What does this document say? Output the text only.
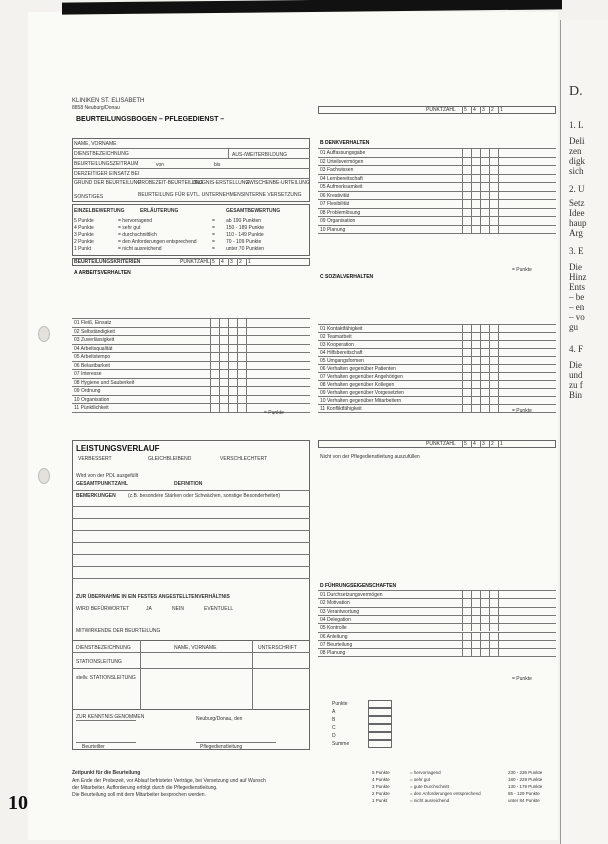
D.
1. L
Deli
zen
digk
sich
2. U
Setz
Idee
haup
Arg
3. E
Die
Hinz
Ents
– be
– en
– vo
gu
4. F
Die
und
zu f
Bin
KLINIKEN ST. ELISABETH
8858 Neuburg/Donau
BEURTEILUNGSBOGEN – PFLEGEDIENST –
NAME, VORNAME
DIENSTBEZEICHNUNG
BEURTEILUNGSZEITRAUM
DERZEITIGER EINSATZ BEI
AUS-/WEITERBILDUNG
von	bis
GRUND DER BEURTEILUNG
PROBEZEIT-BEURTEILUNG
ZEUGNIS-ERSTELLUNG
ZWISCHENBE-URTEILUNG
SONSTIGES	BEURTEILUNG FÜR EVTL. UNTERNEHMENSINTERNE VERSETZUNG
EINZELBEWERTUNG	ERLÄUTERUNG	GESAMTBEWERTUNG
5 Punkte	= hervorragend	= ab 190 Punkten
4 Punkte	= sehr gut	= 150 - 189 Punkte
3 Punkte	= durchschnittlich	= 110 - 149 Punkte
2 Punkte	= den Anforderungen entsprechend	= 70 - 109 Punkte
1 Punkt	= nicht ausreichend	= unter 70 Punkten
BEURTEILUNGSKRITERIEN	PUNKTZAHL 5 4 3 2 1
A ARBEITSVERHALTEN
01 Fleiß, Einsatz
02 Selbständigkeit
03 Zuverlässigkeit
04 Arbeitsqualität
05 Arbeitstempo
06 Belastbarkeit
07 Interesse
08 Hygiene und Sauberkeit
09 Ordnung
10 Organisation
11 Pünktlichkeit
= Punkte
PUNKTZAHL 5 4 3 2 1
B DENKVERHALTEN
01 Auffassungsgabe
02 Urteilsvermögen
03 Fachwissen
04 Lernbereitschaft
05 Aufmerksamkeit
06 Kreativität
07 Flexibilität
08 Problemlösung
09 Organisation
10 Planung
= Punkte
C SOZIALVERHALTEN
01 Kontaktfähigkeit
02 Teamarbeit
03 Kooperation
04 Hilfsbereitschaft
05 Umgangsformen
06 Verhalten gegenüber Patienten
07 Verhalten gegenüber Angehörigen
08 Verhalten gegenüber Kollegen
09 Verhalten gegenüber Vorgesetzten
10 Verhalten gegenüber Mitarbeitern
11 Konfliktfähigkeit	= Punkte
LEISTUNGSVERLAUF
VERBESSERT	GLEICHBLEIBEND	VERSCHLECHTERT
Wird von der PDL ausgefüllt
GESAMTPUNKTZAHL	DEFINITION
BEMERKUNGEN (z.B. besondere Stärken oder Schwächen, sonstige Besonderheiten)
ZUR ÜBERNAHME IN EIN FESTES ANGESTELLTENVERHÄLTNIS
WIRD BEFÜRWORTET	JA	NEIN	EVENTUELL
MITWIRKENDE DER BEURTEILUNG
DIENSTBEZEICHNUNG	NAME, VORNAME	UNTERSCHRIFT
STATIONSLEITUNG
stellv. STATIONSLEITUNG
ZUR KENNTNIS GENOMMEN	Neuburg/Donau, den
Beurteilter	Pflegedienstleitung
PUNKTZAHL 5 4 3 2 1
Nicht von der Pflegedienstleitung auszufüllen
D FÜHRUNGSEIGENSCHAFTEN
01 Durchsetzungsvermögen
02 Motivation
03 Verantwortung
04 Delegation
05 Kontrolle
06 Anleitung
07 Beurteilung
08 Planung
= Punkte
Punkte
A
B
C
D
Summe
Zeitpunkt für die Beurteilung
Am Ende der Probezeit, vor Ablauf befristeter Verträge, bei Versetzung und auf Wunsch
der Mitarbeiter. Aufforderung erfolgt durch die Pflegedienstleitung.
Die Beurteilung soll mit dem Mitarbeiter besprochen werden.
5 Punkte	= hervorragend	230 - 236 Punkte
4 Punkte	= sehr gut	180 - 229 Punkte
3 Punkte	= gute Durchschnitt	130 - 179 Punkte
2 Punkte	= den Anforderungen entsprechend	85 - 129 Punkte
1 Punkt	= nicht ausreichend	unter 84 Punkte
10
